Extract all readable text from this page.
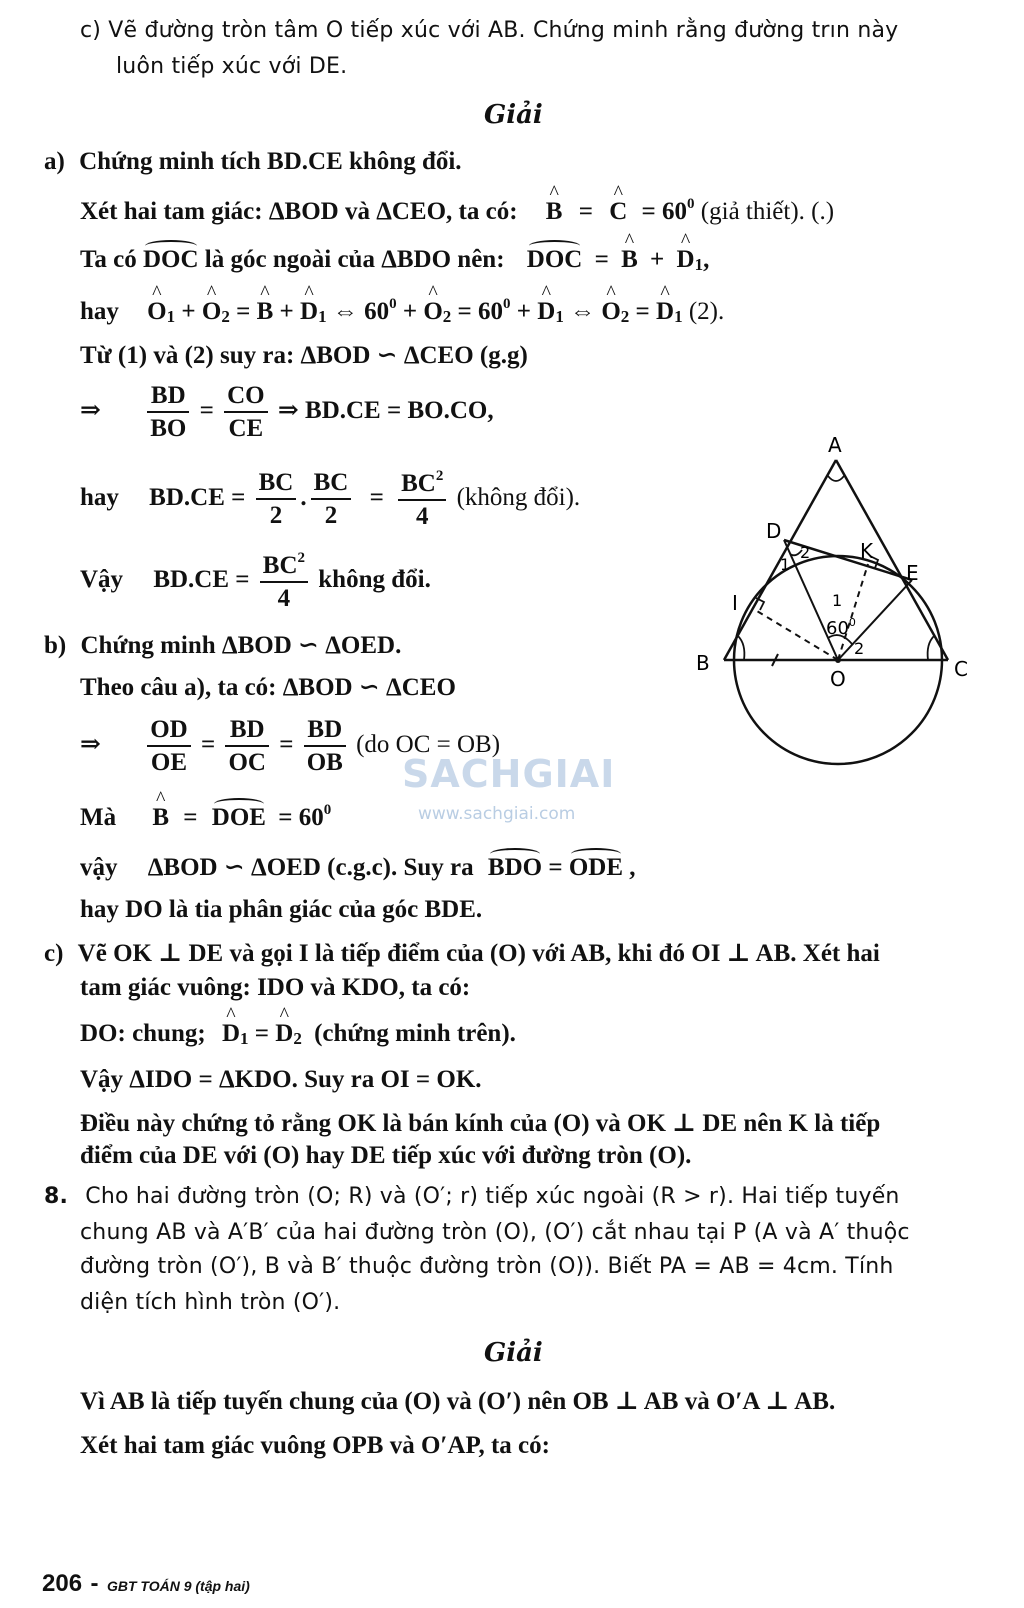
c) Vẽ đường tròn tâm O tiếp xúc với AB. Chứng minh rằng đường trın này
luôn tiếp xúc với DE.
Giải
a) Chứng minh tích BD.CE không đổi.
Xét hai tam giác: ΔBOD và ΔCEO, ta có: ^ B = ^ $C = 60^0$ (giả thiết). (.)
Ta có DOC là góc ngoài của ΔBDO nên: DOC = ^ B + ^ D1,
hay ^ O1 + ^ O2 = ^ B + ^ D1 ⇔ $60^0$ + ^ $O2 = 60^0$ + ^ D1 ⇔ ^ O2 = ^ D1 (2).
Từ (1) và (2) suy ra: ΔBOD ∽ ΔCEO (g.g)
⇒ $\frac{BD}{BO} = \frac{CO}{CE}$ ⇒ BD.CE = BO.CO,
hay $BD.CE = \frac{BC}{2}$ . $\frac{BC}{2} = \frac{BC^2}{4}$ (không đổi).
Vậy $BD.CE = \frac{BC^2}{4}$ không đổi.
b) Chứng minh ΔBOD ∽ ΔOED.
Theo câu a), ta có: ΔBOD ∽ ΔCEO
⇒ $\frac{OD}{OE} = \frac{BD}{OC} = \frac{BD}{OB} (do$ OC = OB)
Mà ^ B = DOE = $60^0$
vậy ΔBOD ∽ ΔOED (c.g.c). Suy ra BDO = ODE ,
hay DO là tia phân giác của góc BDE.
c) Vẽ OK ⊥ DE và gọi I là tiếp điểm của (O) với AB, khi đó OI ⊥ AB. Xét hai
tam giác vuông: IDO và KDO, ta có:
DO: chung; ^ D1 = ^ D2 (chứng minh trên).
Vậy ΔIDO = ΔKDO. Suy ra OI = OK.
Điều này chứng tỏ rằng OK là bán kính của (O) và OK ⊥ DE nên K là tiếp
điểm của DE với (O) hay DE tiếp xúc với đường tròn (O).
8. Cho hai đường tròn (O; R) và (O′; r) tiếp xúc ngoài (R > r). Hai tiếp tuyến
chung AB và A′B′ của hai đường tròn (O), (O′) cắt nhau tại P (A và A′ thuộc
đường tròn (O′), B và B′ thuộc đường tròn (O)). Biết PA = AB = 4cm. Tính
diện tích hình tròn (O′).
Giải
Vì AB là tiếp tuyến chung của (O) và (O′) nên OB ⊥ AB và O′A ⊥ AB.
Xét hai tam giác vuông OPB và O′AP, ta có:
A
B	C
D
E
I
K
O
1
2
1
2
$60^0$
SACHGIAI
www.sachgiai.com
206 - GBT TOÁN 9 (tập hai)
